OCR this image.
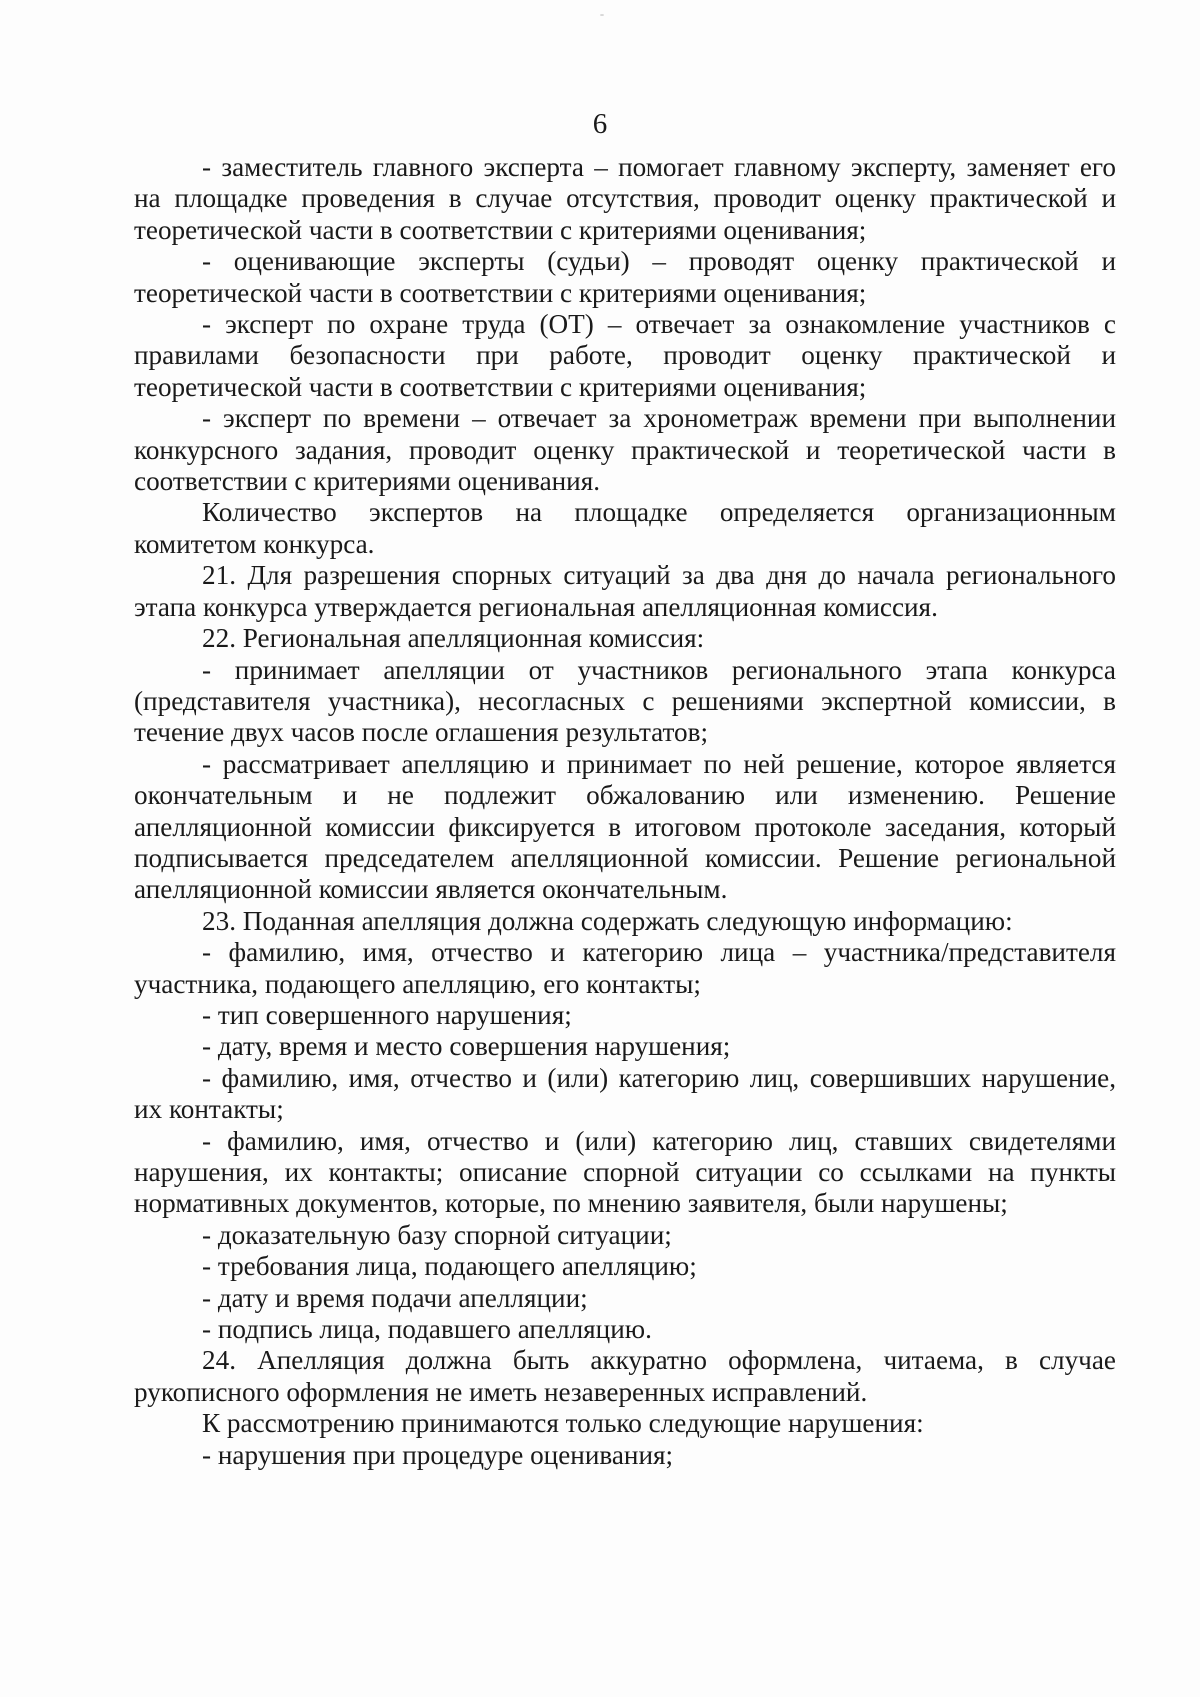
6

- заместитель главного эксперта – помогает главному эксперту, заменяет его на площадке проведения в случае отсутствия, проводит оценку практической и теоретической части в соответствии с критериями оценивания;

- оценивающие эксперты (судьи) – проводят оценку практической и теоретической части в соответствии с критериями оценивания;

- эксперт по охране труда (ОТ) – отвечает за ознакомление участников с правилами безопасности при работе, проводит оценку практической и теоретической части в соответствии с критериями оценивания;

- эксперт по времени – отвечает за хронометраж времени при выполнении конкурсного задания, проводит оценку практической и теоретической части в соответствии с критериями оценивания.

Количество экспертов на площадке определяется организационным комитетом конкурса.

21. Для разрешения спорных ситуаций за два дня до начала регионального этапа конкурса утверждается региональная апелляционная комиссия.

22. Региональная апелляционная комиссия:

- принимает апелляции от участников регионального этапа конкурса (представителя участника), несогласных с решениями экспертной комиссии, в течение двух часов после оглашения результатов;

- рассматривает апелляцию и принимает по ней решение, которое является окончательным и не подлежит обжалованию или изменению. Решение апелляционной комиссии фиксируется в итоговом протоколе заседания, который подписывается председателем апелляционной комиссии. Решение региональной апелляционной комиссии является окончательным.

23. Поданная апелляция должна содержать следующую информацию:

- фамилию, имя, отчество и категорию лица – участника/представителя участника, подающего апелляцию, его контакты;

- тип совершенного нарушения;

- дату, время и место совершения нарушения;

- фамилию, имя, отчество и (или) категорию лиц, совершивших нарушение, их контакты;

- фамилию, имя, отчество и (или) категорию лиц, ставших свидетелями нарушения, их контакты; описание спорной ситуации со ссылками на пункты нормативных документов, которые, по мнению заявителя, были нарушены;

- доказательную базу спорной ситуации;

- требования лица, подающего апелляцию;

- дату и время подачи апелляции;

- подпись лица, подавшего апелляцию.

24. Апелляция должна быть аккуратно оформлена, читаема, в случае рукописного оформления не иметь незаверенных исправлений.

К рассмотрению принимаются только следующие нарушения:

- нарушения при процедуре оценивания;
